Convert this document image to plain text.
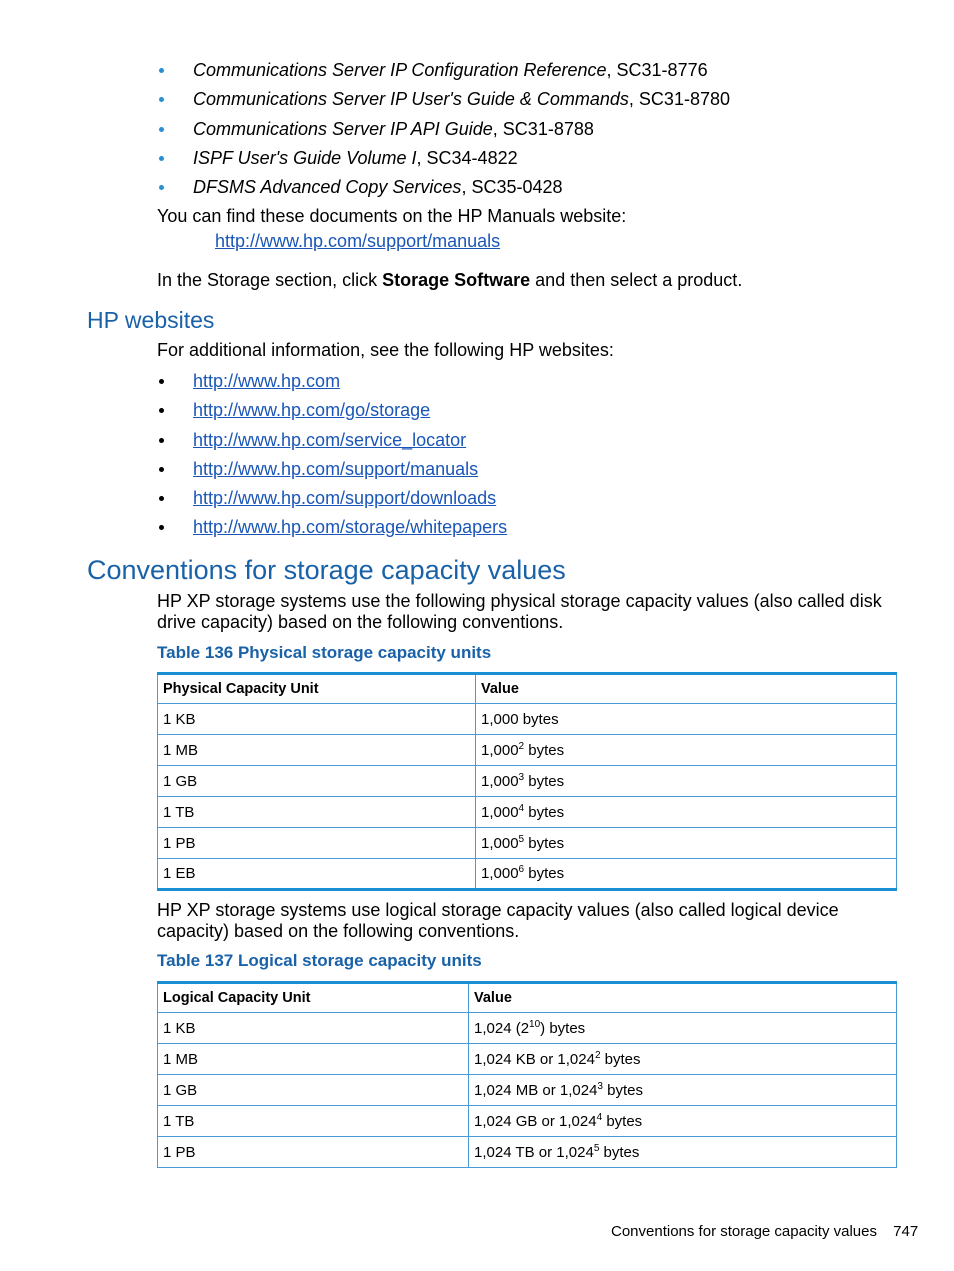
Communications Server IP Configuration Reference, SC31-8776
Communications Server IP User's Guide & Commands, SC31-8780
Communications Server IP API Guide, SC31-8788
ISPF User's Guide Volume I, SC34-4822
DFSMS Advanced Copy Services, SC35-0428
You can find these documents on the HP Manuals website:
http://www.hp.com/support/manuals
In the Storage section, click Storage Software and then select a product.
HP websites
For additional information, see the following HP websites:
http://www.hp.com
http://www.hp.com/go/storage
http://www.hp.com/service_locator
http://www.hp.com/support/manuals
http://www.hp.com/support/downloads
http://www.hp.com/storage/whitepapers
Conventions for storage capacity values
HP XP storage systems use the following physical storage capacity values (also called disk drive capacity) based on the following conventions.
Table 136 Physical storage capacity units
Physical Capacity Unit	Value
1 KB	1,000 bytes
1 MB	1,000$^2$ bytes
1 GB	1,000$^3$ bytes
1 TB	1,000$^4$ bytes
1 PB	1,000$^5$ bytes
1 EB	1,000$^6$ bytes
HP XP storage systems use logical storage capacity values (also called logical device capacity) based on the following conventions.
Table 137 Logical storage capacity units
Logical Capacity Unit	Value
1 KB	1,024 $(2^{10})$ bytes
1 MB	1,024 KB or 1,024$^2$ bytes
1 GB	1,024 MB or 1,024$^3$ bytes
1 TB	1,024 GB or 1,024$^4$ bytes
1 PB	1,024 TB or 1,024$^5$ bytes
Conventions for storage capacity values 747
